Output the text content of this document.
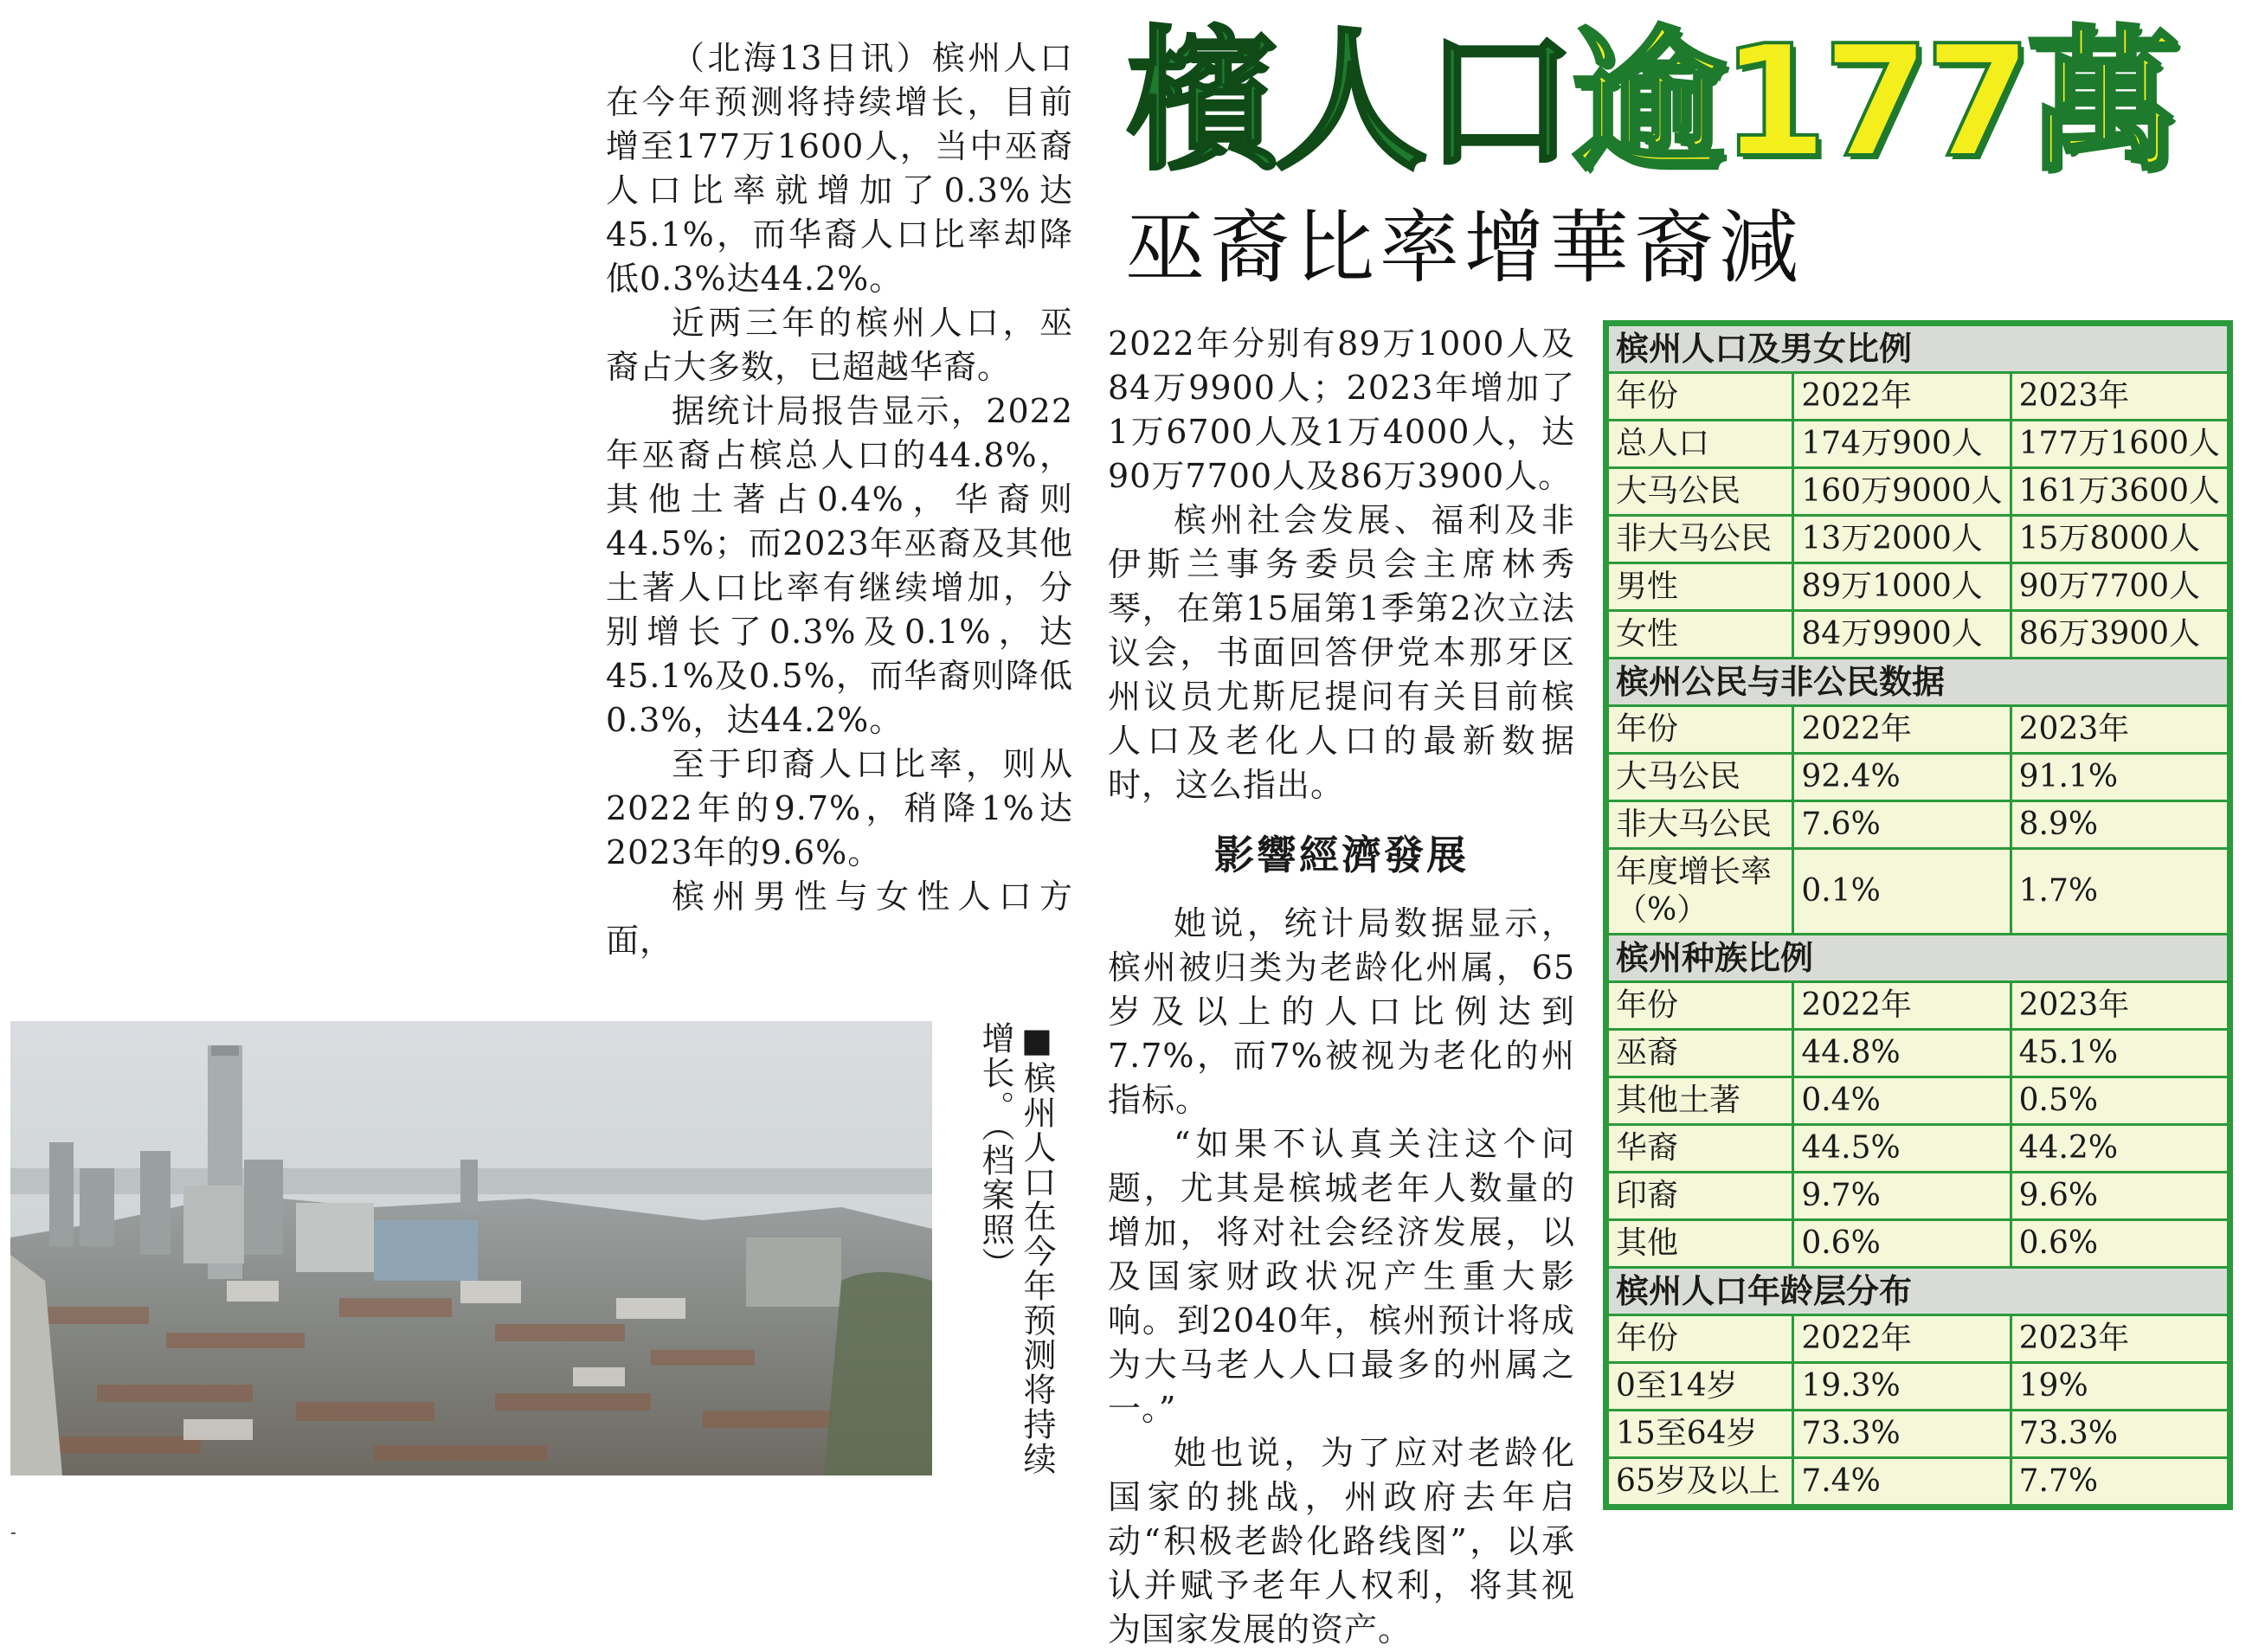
檳人口逾177萬
巫裔比率增華裔減

（北海13日讯）槟州人口在今年预测将持续增长，目前增至177万1600人，当中巫裔人口比率就增加了0.3%达45.1%，而华裔人口比率却降低0.3%达44.2%。

近两三年的槟州人口，巫裔占大多数，已超越华裔。

据统计局报告显示，2022年巫裔占槟总人口的44.8%，其他土著占0.4%，华裔则44.5%；而2023年巫裔及其他土著人口比率有继续增加，分别增长了0.3%及0.1%，达45.1%及0.5%，而华裔则降低0.3%，达44.2%。

至于印裔人口比率，则从2022年的9.7%，稍降1%达2023年的9.6%。

槟州男性与女性人口方面，

2022年分别有89万1000人及84万9900人；2023年增加了1万6700人及1万4000人，达90万7700人及86万3900人。

槟州社会发展、福利及非伊斯兰事务委员会主席林秀琴，在第15届第1季第2次立法议会，书面回答伊党本那牙区州议员尤斯尼提问有关目前槟人口及老化人口的最新数据时，这么指出。

影響經濟發展

她说，统计局数据显示，槟州被归类为老龄化州属，65岁及以上的人口比例达到7.7%，而7%被视为老化的州指标。

“如果不认真关注这个问题，尤其是槟城老年人数量的增加，将对社会经济发展，以及国家财政状况产生重大影响。到2040年，槟州预计将成为大马老人人口最多的州属之一。”

她也说，为了应对老龄化国家的挑战，州政府去年启动“积极老龄化路线图”，以承认并赋予老年人权利，将其视为国家发展的资产。

槟州人口及男女比例		
年份	2022年	2023年
总人口	174万900人	177万1600人
大马公民	160万9000人	161万3600人
非大马公民	13万2000人	15万8000人
男性	89万1000人	90万7700人
女性	84万9900人	86万3900人
槟州公民与非公民数据		
年份	2022年	2023年
大马公民	92.4%	91.1%
非大马公民	7.6%	8.9%
年度增长率（%）	0.1%	1.7%
槟州种族比例		
年份	2022年	2023年
巫裔	44.8%	45.1%
其他土著	0.4%	0.5%
华裔	44.5%	44.2%
印裔	9.7%	9.6%
其他	0.6%	0.6%
槟州人口年龄层分布		
年份	2022年	2023年
0至14岁	19.3%	19%
15至64岁	73.3%	73.3%
65岁及以上	7.4%	7.7%
■槟州人口在今年预测将持续增长。（档案照）
-
